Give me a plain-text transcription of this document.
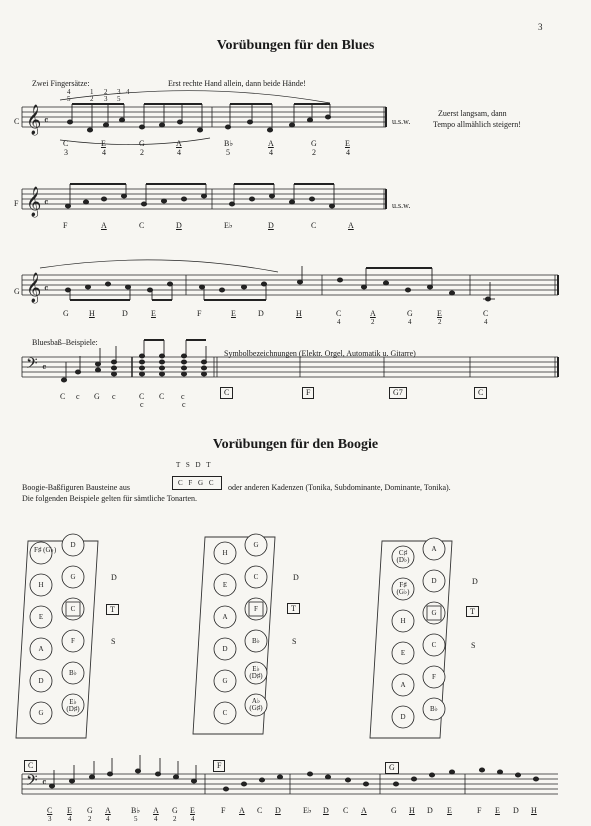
3
Vorübungen für den Blues
Zwei Fingersätze:	Erst rechte Hand allein, dann beide Hände!
Zuerst langsam, dann
Tempo allmählich steigern!
u.s.w.
u.s.w.
C
F
G
4
5
1
2
2
3
3
5
4
𝄞
𝄞
𝄞
𝄢
𝄢
𝄴
𝄴
𝄴
𝄴
𝄴
C
3
E
4
G
2
A
4
B♭
5
A
4
G
2
E
4
F	A	C	D	E♭	D	C	A
G	H	D	E	F	E	D	H	C
4
A
2
G
4
E
2
C
4
Bluesbaß–Beispiele:
Symbolbezeichnungen (Elektr. Orgel, Automatik u. Gitarre)
C c G c	C
c
C c
c
C	F	G7	C
Vorübungen für den Boogie
T S D T
Boogie-Baßfiguren Bausteine aus	C F G C	oder anderen Kadenzen (Tonika, Subdominante, Dominante, Tonika).
Die folgenden Beispiele gelten für sämtliche Tonarten.
F♯ (G♭)
D
H
G
E
C
A
F
D
B♭
G
E♭ (D♯)
D
T
S
H
G
E
C
A
F
D
B♭
G
E♭ (D♯)
C
A♭ (G♯)
D
T
S
C♯ (D♭)
A
F♯ (G♭)
D
H
G
E
C
A
F
D
B♭
D
T
S
C	F	G
C
3
E
4
G
2
A
4
B♭
5
A
4
G
2
E
4
F A C D	E♭ D C A	G H D E	F E D H
